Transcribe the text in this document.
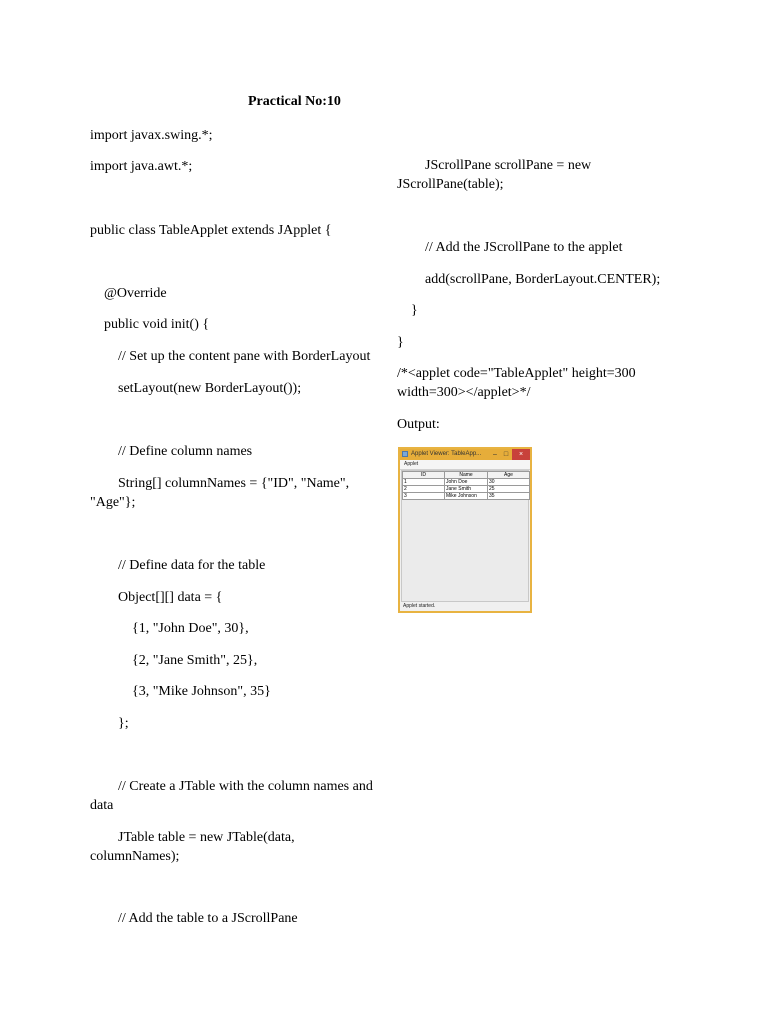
Practical No:10
import javax.swing.*;
import java.awt.*;
public class TableApplet extends JApplet {
@Override
public void init() {
// Set up the content pane with BorderLayout
setLayout(new BorderLayout());
// Define column names
String[] columnNames = {"ID", "Name", "Age"};
// Define data for the table
Object[][] data = {
{1, "John Doe", 30},
{2, "Jane Smith", 25},
{3, "Mike Johnson", 35}
};
// Create a JTable with the column names and data
JTable table = new JTable(data, columnNames);
// Add the table to a JScrollPane
JScrollPane scrollPane = new JScrollPane(table);
// Add the JScrollPane to the applet
add(scrollPane, BorderLayout.CENTER);
}
}
/*<applet code="TableApplet" height=300 width=300></applet>*/
Output:
Applet Viewer: TableApp...	– □	×
Applet
ID	Name	Age
1	John Doe	30
2	Jane Smith	25
3	Mike Johnson	35
Applet started.
